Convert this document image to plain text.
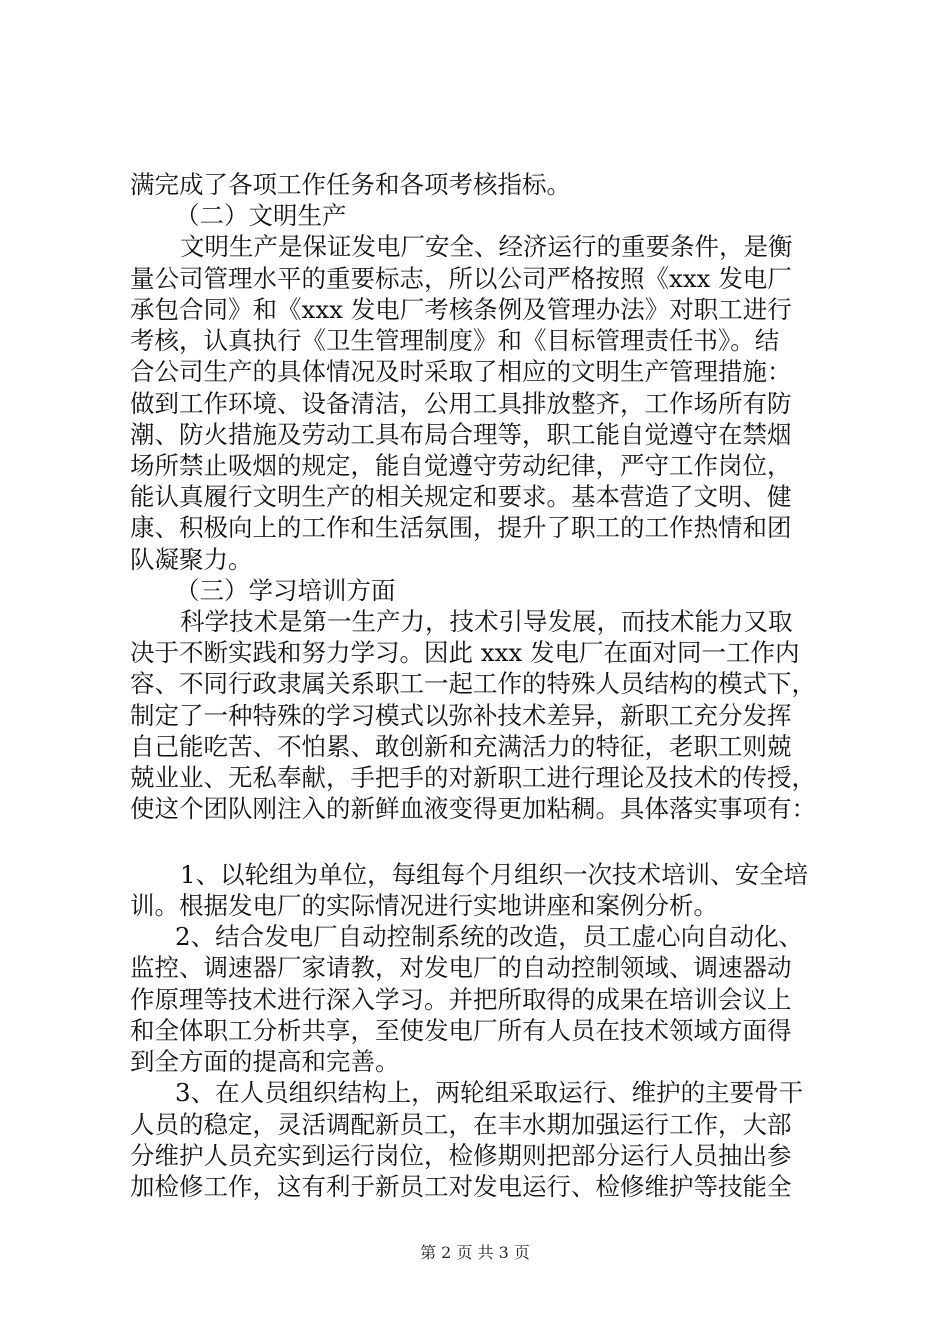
满完成了各项工作任务和各项考核指标。
（二）文明生产
文明生产是保证发电厂安全、经济运行的重要条件，是衡
量公司管理水平的重要标志，所以公司严格按照《xxx 发电厂
承包合同》和《xxx 发电厂考核条例及管理办法》对职工进行
考核，认真执行《卫生管理制度》和《目标管理责任书》。结
合公司生产的具体情况及时采取了相应的文明生产管理措施：
做到工作环境、设备清洁，公用工具排放整齐，工作场所有防
潮、防火措施及劳动工具布局合理等，职工能自觉遵守在禁烟
场所禁止吸烟的规定，能自觉遵守劳动纪律，严守工作岗位，
能认真履行文明生产的相关规定和要求。基本营造了文明、健
康、积极向上的工作和生活氛围，提升了职工的工作热情和团
队凝聚力。
（三）学习培训方面
科学技术是第一生产力，技术引导发展，而技术能力又取
决于不断实践和努力学习。因此 xxx 发电厂在面对同一工作内
容、不同行政隶属关系职工一起工作的特殊人员结构的模式下，
制定了一种特殊的学习模式以弥补技术差异，新职工充分发挥
自己能吃苦、不怕累、敢创新和充满活力的特征，老职工则兢
兢业业、无私奉献，手把手的对新职工进行理论及技术的传授，
使这个团队刚注入的新鲜血液变得更加粘稠。具体落实事项有：
1、以轮组为单位，每组每个月组织一次技术培训、安全培
训。根据发电厂的实际情况进行实地讲座和案例分析。
2、结合发电厂自动控制系统的改造，员工虚心向自动化、
监控、调速器厂家请教，对发电厂的自动控制领域、调速器动
作原理等技术进行深入学习。并把所取得的成果在培训会议上
和全体职工分析共享，至使发电厂所有人员在技术领域方面得
到全方面的提高和完善。
3、在人员组织结构上，两轮组采取运行、维护的主要骨干
人员的稳定，灵活调配新员工，在丰水期加强运行工作，大部
分维护人员充实到运行岗位，检修期则把部分运行人员抽出参
加检修工作，这有利于新员工对发电运行、检修维护等技能全
第 2 页 共 3 页
